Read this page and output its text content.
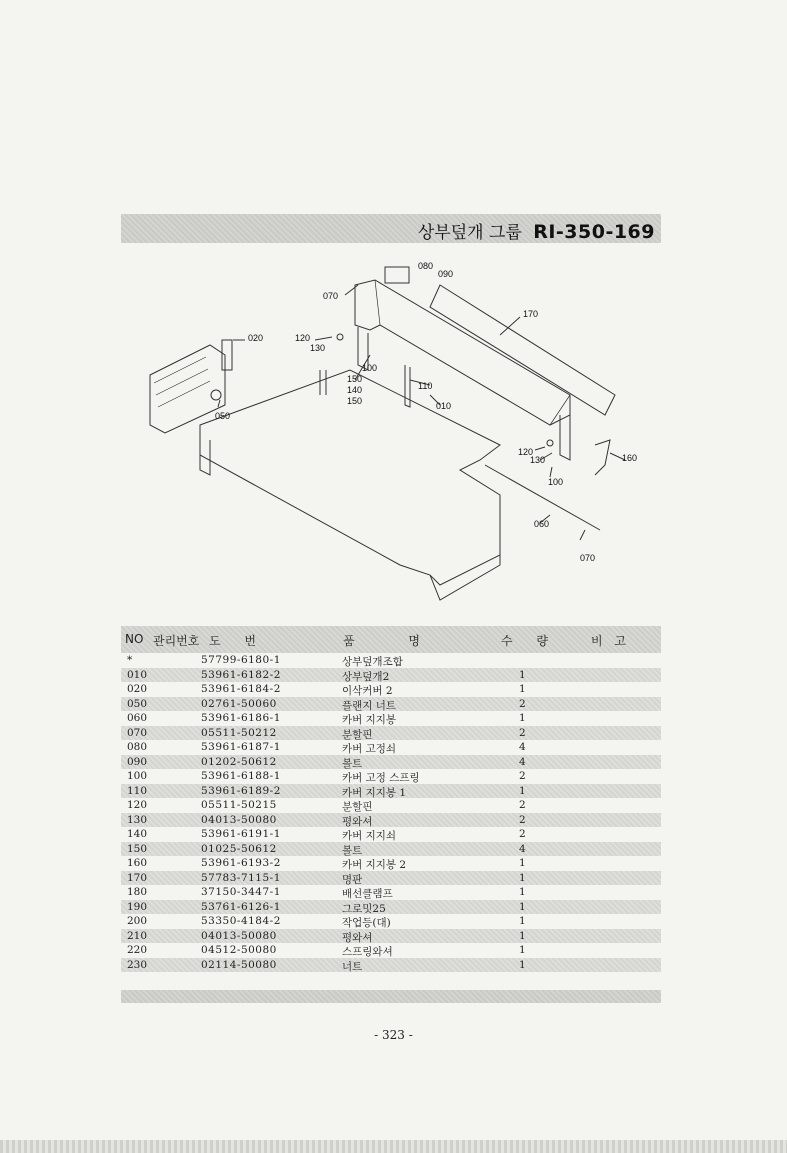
상부덮개 그룹 RI-350-169
080
090
070
170
020	120
130
100
150
140
150
110
010
050
120
130
100
160
060
070
NO 관리번호 도 번	품 명	수 량	비 고
*	57799-6180-1	상부덮개조합
010	53961-6182-2	상부덮개2	1
020	53961-6184-2	이삭커버 2	1
050	02761-50060	플랜지 너트	2
060	53961-6186-1	카버 지지봉	1
070	05511-50212	분할핀	2
080	53961-6187-1	카버 고정쇠	4
090	01202-50612	볼트	4
100	53961-6188-1	카버 고정 스프링	2
110	53961-6189-2	카버 지지봉 1	1
120	05511-50215	분할핀	2
130	04013-50080	평와셔	2
140	53961-6191-1	카버 지지쇠	2
150	01025-50612	볼트	4
160	53961-6193-2	카버 지지봉 2	1
170	57783-7115-1	명판	1
180	37150-3447-1	배선클램프	1
190	53761-6126-1	그로밋25	1
200	53350-4184-2	작업등(대)	1
210	04013-50080	평와셔	1
220	04512-50080	스프링와셔	1
230	02114-50080	너트	1
- 323 -
